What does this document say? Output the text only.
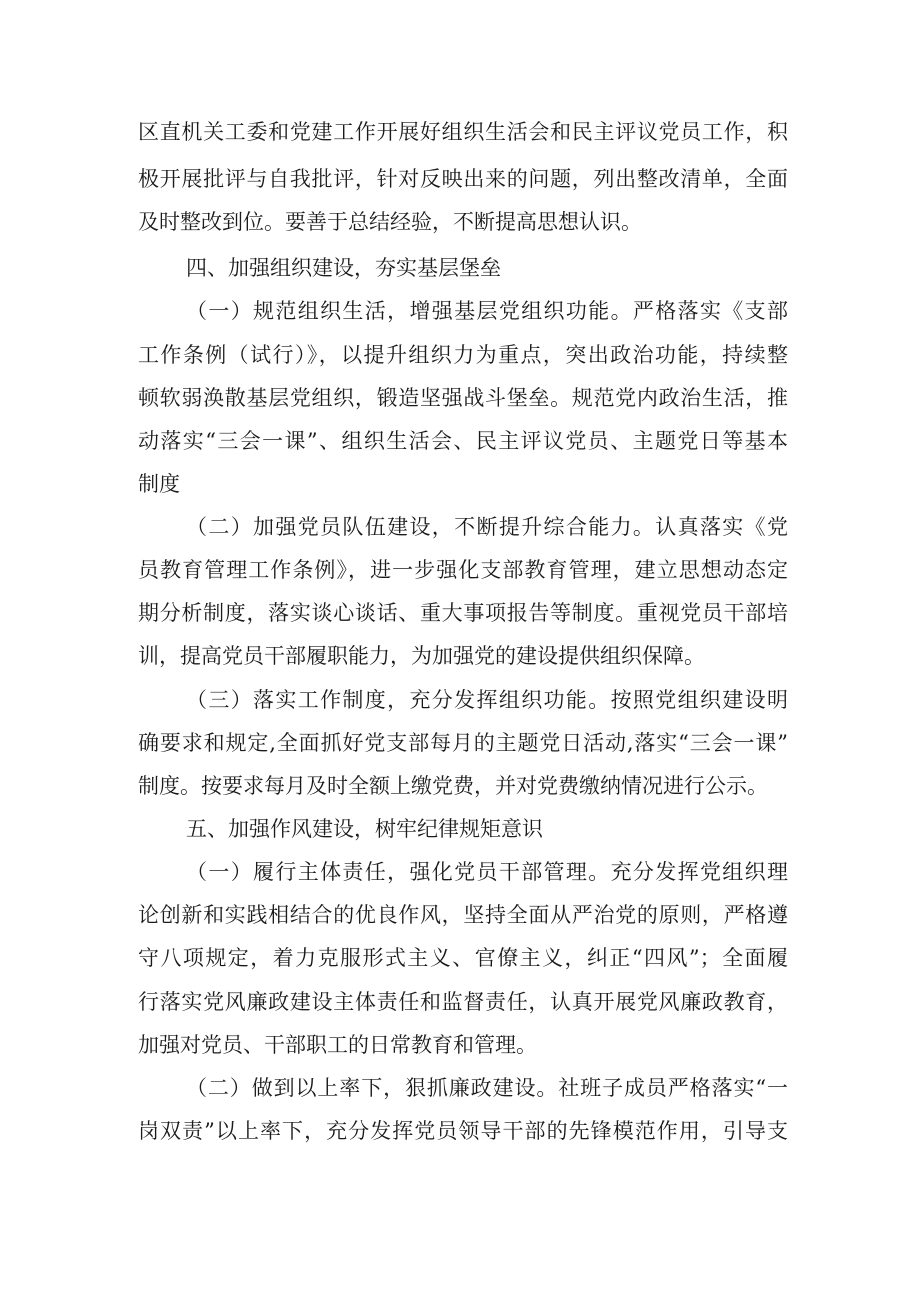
区直机关工委和党建工作开展好组织生活会和民主评议党员工作，积
极开展批评与自我批评，针对反映出来的问题，列出整改清单，全面
及时整改到位。要善于总结经验，不断提高思想认识。
四、加强组织建设，夯实基层堡垒
（一）规范组织生活，增强基层党组织功能。严格落实《支部
工作条例（试行）》，以提升组织力为重点，突出政治功能，持续整
顿软弱涣散基层党组织，锻造坚强战斗堡垒。规范党内政治生活，推
动落实“三会一课”、组织生活会、民主评议党员、主题党日等基本
制度
（二）加强党员队伍建设，不断提升综合能力。认真落实《党
员教育管理工作条例》，进一步强化支部教育管理，建立思想动态定
期分析制度，落实谈心谈话、重大事项报告等制度。重视党员干部培
训，提高党员干部履职能力，为加强党的建设提供组织保障。
（三）落实工作制度，充分发挥组织功能。按照党组织建设明
确要求和规定,全面抓好党支部每月的主题党日活动,落实“三会一课”
制度。按要求每月及时全额上缴党费，并对党费缴纳情况进行公示。
五、加强作风建设，树牢纪律规矩意识
（一）履行主体责任，强化党员干部管理。充分发挥党组织理
论创新和实践相结合的优良作风，坚持全面从严治党的原则，严格遵
守八项规定，着力克服形式主义、官僚主义，纠正“四风”；全面履
行落实党风廉政建设主体责任和监督责任，认真开展党风廉政教育，
加强对党员、干部职工的日常教育和管理。
（二）做到以上率下，狠抓廉政建设。社班子成员严格落实“一
岗双责”以上率下，充分发挥党员领导干部的先锋模范作用，引导支
